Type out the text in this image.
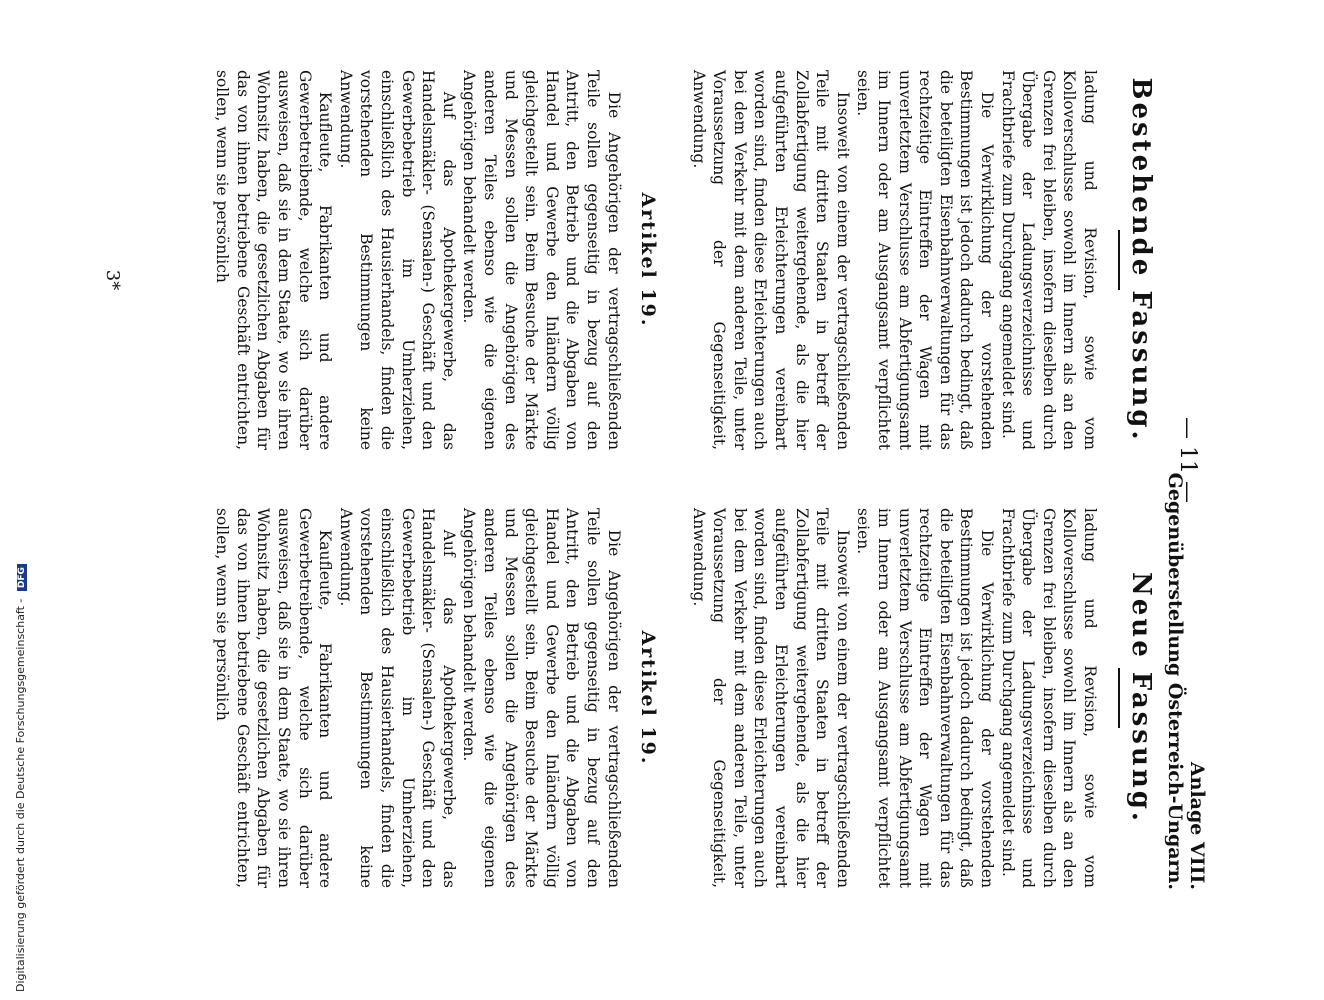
Anlage VIII.
Gegenüberstellung Österreich-Ungarn.
— 11 —
Bestehende Fassung.
Neue Fassung.

ladung und Revision, sowie vom Kolloverschlusse sowohl im Innern als an den Grenzen frei bleiben, insofern dieselben durch Übergabe der Ladungsverzeichnisse und Frachtbriefe zum Durchgang angemeldet sind.

Die Verwirklichung der vorstehenden Bestimmungen ist jedoch dadurch bedingt, daß die beteiligten Eisenbahnverwaltungen für das rechtzeitige Eintreffen der Wagen mit unverletztem Verschlusse am Abfertigungsamt im Innern oder am Ausgangsamt verpflichtet seien.

Insoweit von einem der vertragschließenden Teile mit dritten Staaten in betreff der Zollabfertigung weitergehende, als die hier aufgeführten Erleichterungen vereinbart worden sind, finden diese Erleichterungen auch bei dem Verkehr mit dem anderen Teile, unter Voraussetzung der Gegenseitigkeit, Anwendung.

Artikel 19.

Die Angehörigen der vertragschließenden Teile sollen gegenseitig in bezug auf den Antritt, den Betrieb und die Abgaben von Handel und Gewerbe den Inländern völlig gleichgestellt sein. Beim Besuche der Märkte und Messen sollen die Angehörigen des anderen Teiles ebenso wie die eigenen Angehörigen behandelt werden.

Auf das Apothekergewerbe, das Handelsmäkler- (Sensalen-) Geschäft und den Gewerbebetrieb im Umherziehen, einschließlich des Hausierhandels, finden die vorstehenden Bestimmungen keine Anwendung.

Kaufleute, Fabrikanten und andere Gewerbetreibende, welche sich darüber ausweisen, daß sie in dem Staate, wo sie ihren Wohnsitz haben, die gesetzlichen Abgaben für das von ihnen betriebene Geschäft entrichten, sollen, wenn sie persönlich

ladung und Revision, sowie vom Kolloverschlusse sowohl im Innern als an den Grenzen frei bleiben, insofern dieselben durch Übergabe der Ladungsverzeichnisse und Frachtbriefe zum Durchgang angemeldet sind.

Die Verwirklichung der vorstehenden Bestimmungen ist jedoch dadurch bedingt, daß die beteiligten Eisenbahnverwaltungen für das rechtzeitige Eintreffen der Wagen mit unverletztem Verschlusse am Abfertigungsamt im Innern oder am Ausgangsamt verpflichtet seien.

Insoweit von einem der vertragschließenden Teile mit dritten Staaten in betreff der Zollabfertigung weitergehende, als die hier aufgeführten Erleichterungen vereinbart worden sind, finden diese Erleichterungen auch bei dem Verkehr mit dem anderen Teile, unter Voraussetzung der Gegenseitigkeit, Anwendung.

Artikel 19.

Die Angehörigen der vertragschließenden Teile sollen gegenseitig in bezug auf den Antritt, den Betrieb und die Abgaben von Handel und Gewerbe den Inländern völlig gleichgestellt sein. Beim Besuche der Märkte und Messen sollen die Angehörigen des anderen Teiles ebenso wie die eigenen Angehörigen behandelt werden.

Auf das Apothekergewerbe, das Handelsmäkler- (Sensalen-) Geschäft und den Gewerbebetrieb im Umherziehen, einschließlich des Hausierhandels, finden die vorstehenden Bestimmungen keine Anwendung.

Kaufleute, Fabrikanten und andere Gewerbetreibende, welche sich darüber ausweisen, daß sie in dem Staate, wo sie ihren Wohnsitz haben, die gesetzlichen Abgaben für das von ihnen betriebene Geschäft entrichten, sollen, wenn sie persönlich

3*
Digitalisierung gefördert durch die Deutsche Forschungsgemeinschaft - DFG
